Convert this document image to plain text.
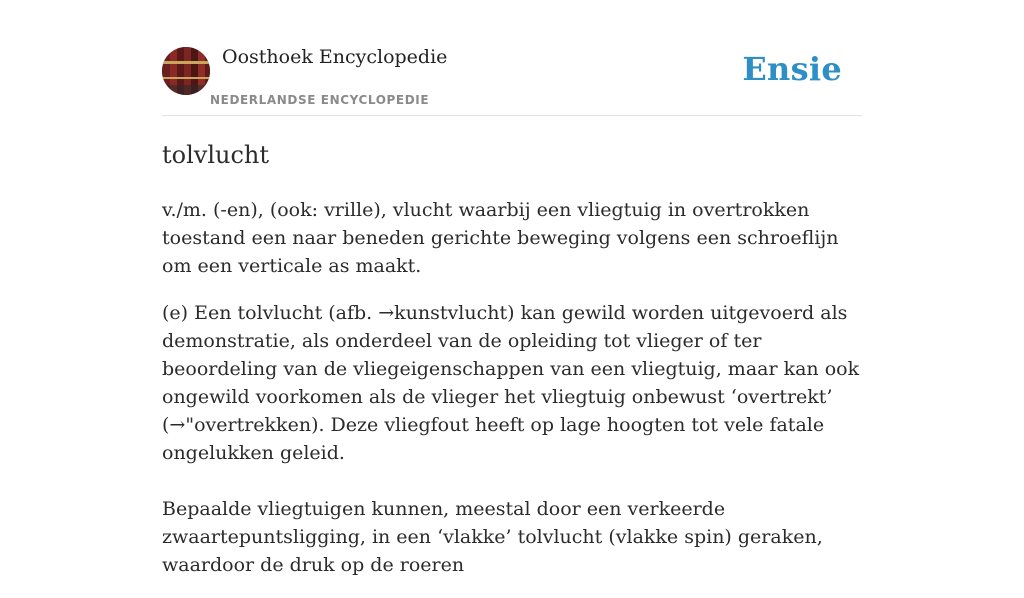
Oosthoek Encyclopedie
NEDERLANDSE ENCYCLOPEDIE
Ensie
tolvlucht

v./m. (-en), (ook: vrille), vlucht waarbij een vliegtuig in overtrokken toestand een naar beneden gerichte beweging volgens een schroeflijn om een verticale as maakt.

(e) Een tolvlucht (afb. →kunstvlucht) kan gewild worden uitgevoerd als demonstratie, als onderdeel van de opleiding tot vlieger of ter beoordeling van de vliegeigenschappen van een vliegtuig, maar kan ook ongewild voorkomen als de vlieger het vliegtuig onbewust ‘overtrekt’ (→"overtrekken). Deze vliegfout heeft op lage hoogten tot vele fatale ongelukken geleid.

Bepaalde vliegtuigen kunnen, meestal door een verkeerde zwaartepuntsligging, in een ‘vlakke’ tolvlucht (vlakke spin) geraken, waardoor de druk op de roeren
